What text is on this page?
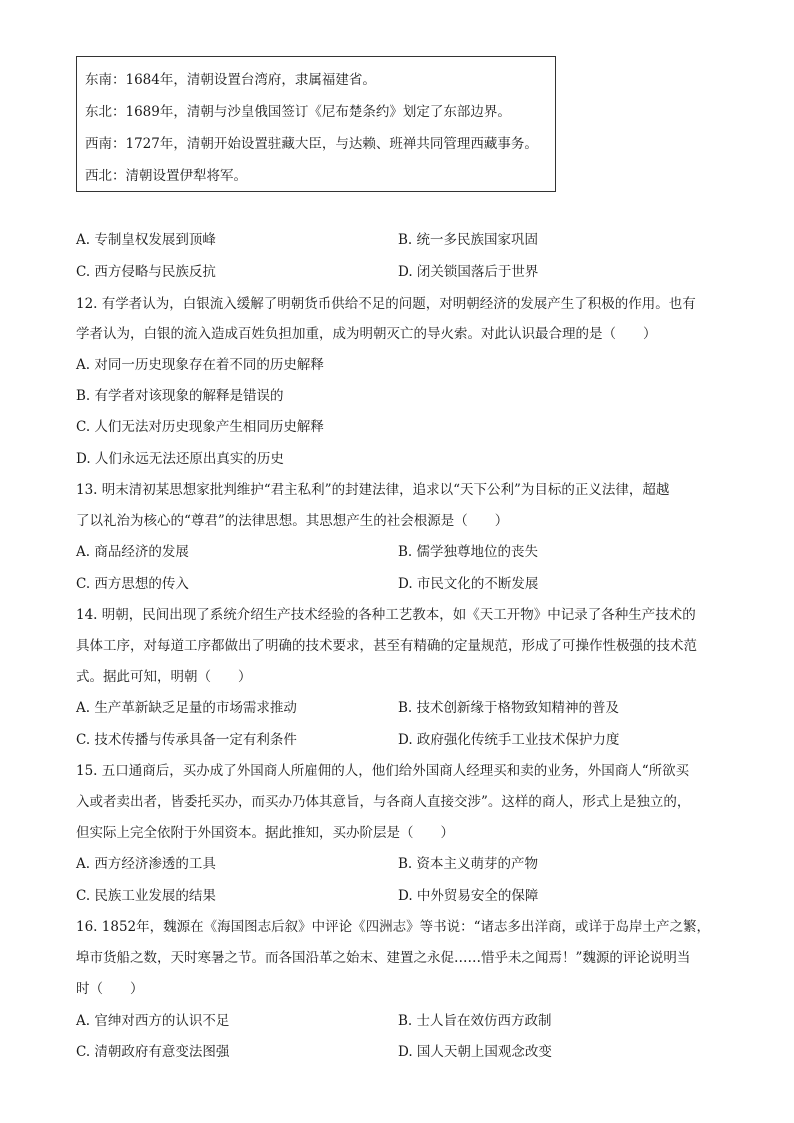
东南：1684年，清朝设置台湾府，隶属福建省。
东北：1689年，清朝与沙皇俄国签订《尼布楚条约》划定了东部边界。
西南：1727年，清朝开始设置驻藏大臣，与达赖、班禅共同管理西藏事务。
西北：清朝设置伊犁将军。
A. 专制皇权发展到顶峰	B. 统一多民族国家巩固
C. 西方侵略与民族反抗	D. 闭关锁国落后于世界
12. 有学者认为，白银流入缓解了明朝货币供给不足的问题，对明朝经济的发展产生了积极的作用。也有
学者认为，白银的流入造成百姓负担加重，成为明朝灭亡的导火索。对此认识最合理的是（　　）
A. 对同一历史现象存在着不同的历史解释
B. 有学者对该现象的解释是错误的
C. 人们无法对历史现象产生相同历史解释
D. 人们永远无法还原出真实的历史
13. 明末清初某思想家批判维护“君主私利”的封建法律，追求以“天下公利”为目标的正义法律，超越
了以礼治为核心的“尊君”的法律思想。其思想产生的社会根源是（　　）
A. 商品经济的发展	B. 儒学独尊地位的丧失
C. 西方思想的传入	D. 市民文化的不断发展
14. 明朝，民间出现了系统介绍生产技术经验的各种工艺教本，如《天工开物》中记录了各种生产技术的
具体工序，对每道工序都做出了明确的技术要求，甚至有精确的定量规范，形成了可操作性极强的技术范
式。据此可知，明朝（　　）
A. 生产革新缺乏足量的市场需求推动	B. 技术创新缘于格物致知精神的普及
C. 技术传播与传承具备一定有利条件	D. 政府强化传统手工业技术保护力度
15. 五口通商后，买办成了外国商人所雇佣的人，他们给外国商人经理买和卖的业务，外国商人“所欲买
入或者卖出者，皆委托买办，而买办乃体其意旨，与各商人直接交涉”。这样的商人，形式上是独立的，
但实际上完全依附于外国资本。据此推知，买办阶层是（　　）
A. 西方经济渗透的工具	B. 资本主义萌芽的产物
C. 民族工业发展的结果	D. 中外贸易安全的保障
16. 1852年，魏源在《海国图志后叙》中评论《四洲志》等书说：“诸志多出洋商，或详于岛岸土产之繁，
埠市货船之数，天时寒暑之节。而各国沿革之始末、建置之永促……惜乎未之闻焉！”魏源的评论说明当
时（　　）
A. 官绅对西方的认识不足	B. 士人旨在效仿西方政制
C. 清朝政府有意变法图强	D. 国人天朝上国观念改变
